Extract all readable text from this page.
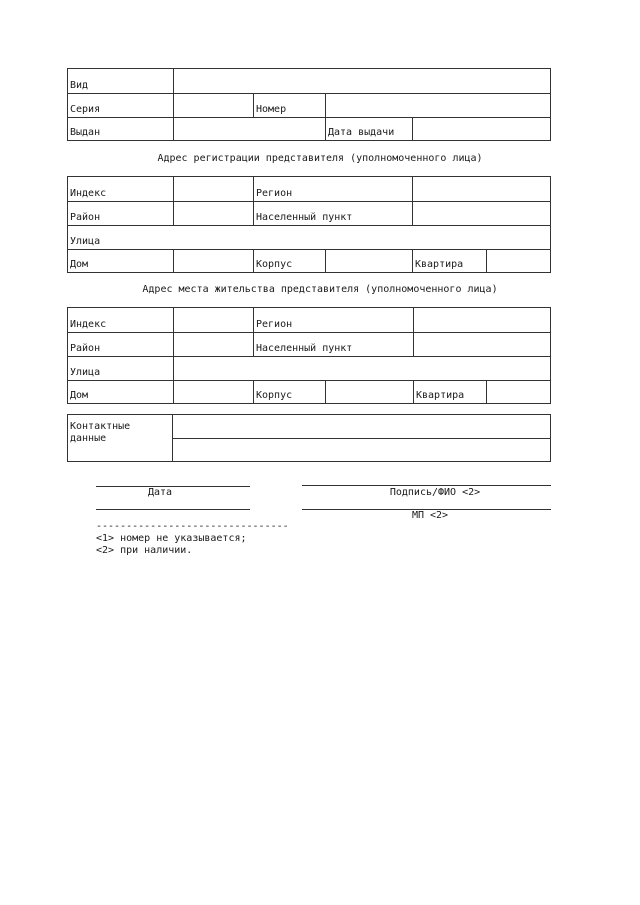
Вид
Серия	Номер
Выдан	Дата выдачи
Адрес регистрации представителя (уполномоченного лица)
Индекс	Регион
Район	Населенный пункт
Улица
Дом	Корпус	Квартира
Адрес места жительства представителя (уполномоченного лица)
Индекс	Регион
Район	Населенный пункт
Улица
Дом	Корпус	Квартира
Контактные данные
Дата	Подпись/ФИО <2>
МП <2>
--------------------------------
<1> номер не указывается;
<2> при наличии.
